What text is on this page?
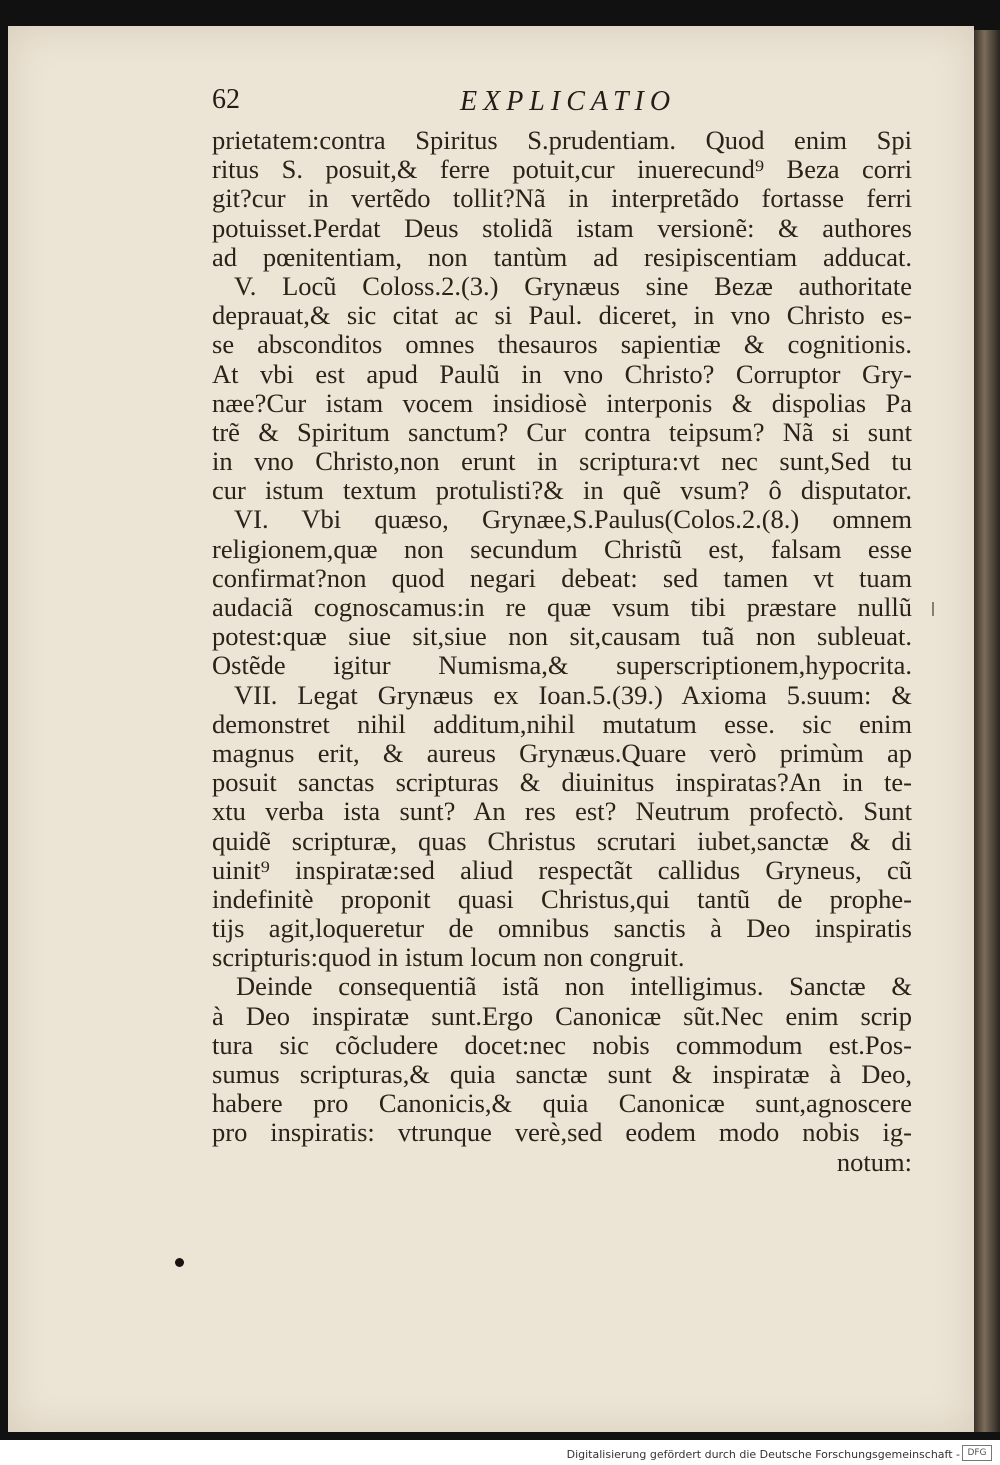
62	EXPLICATIO
prietatem:contra Spiritus S.prudentiam. Quod enim Spi
ritus S. posuit,& ferre potuit,cur inuerecund⁹ Beza corri
git?cur in vertẽdo tollit?Nã in interpretãdo fortasse ferri
potuisset.Perdat Deus stolidã istam versionẽ: & authores
ad pœnitentiam, non tantùm ad resipiscentiam adducat.
V. Locũ Coloss.2.(3.) Grynæus sine Bezæ authoritate
deprauat,& sic citat ac si Paul. diceret, in vno Christo es-
se absconditos omnes thesauros sapientiæ & cognitionis.
At vbi est apud Paulũ in vno Christo? Corruptor Gry-
næe?Cur istam vocem insidiosè interponis & dispolias Pa
trẽ & Spiritum sanctum? Cur contra teipsum? Nã si sunt
in vno Christo,non erunt in scriptura:vt nec sunt,Sed tu
cur istum textum protulisti?& in quẽ vsum? ô disputator.
VI. Vbi quæso, Grynæe,S.Paulus(Colos.2.(8.) omnem
religionem,quæ non secundum Christũ est, falsam esse
confirmat?non quod negari debeat: sed tamen vt tuam
audaciã cognoscamus:in re quæ vsum tibi præstare nullũ
potest:quæ siue sit,siue non sit,causam tuã non subleuat.
Ostẽde igitur Numisma,& superscriptionem,hypocrita.
VII. Legat Grynæus ex Ioan.5.(39.) Axioma 5.suum: &
demonstret nihil additum,nihil mutatum esse. sic enim
magnus erit, & aureus Grynæus.Quare verò primùm ap
posuit sanctas scripturas & diuinitus inspiratas?An in te-
xtu verba ista sunt? An res est? Neutrum profectò. Sunt
quidẽ scripturæ, quas Christus scrutari iubet,sanctæ & di
uinit⁹ inspiratæ:sed aliud respectãt callidus Gryneus, cũ
indefinitè proponit quasi Christus,qui tantũ de prophe-
tijs agit,loqueretur de omnibus sanctis à Deo inspiratis
scripturis:quod in istum locum non congruit.
Deinde consequentiã istã non intelligimus. Sanctæ &
à Deo inspiratæ sunt.Ergo Canonicæ sũt.Nec enim scrip
tura sic cõcludere docet:nec nobis commodum est.Pos-
sumus scripturas,& quia sanctæ sunt & inspiratæ à Deo,
habere pro Canonicis,& quia Canonicæ sunt,agnoscere
pro inspiratis: vtrunque verè,sed eodem modo nobis ig-
notum:
Digitalisierung gefördert durch die Deutsche Forschungsgemeinschaft - DFG
